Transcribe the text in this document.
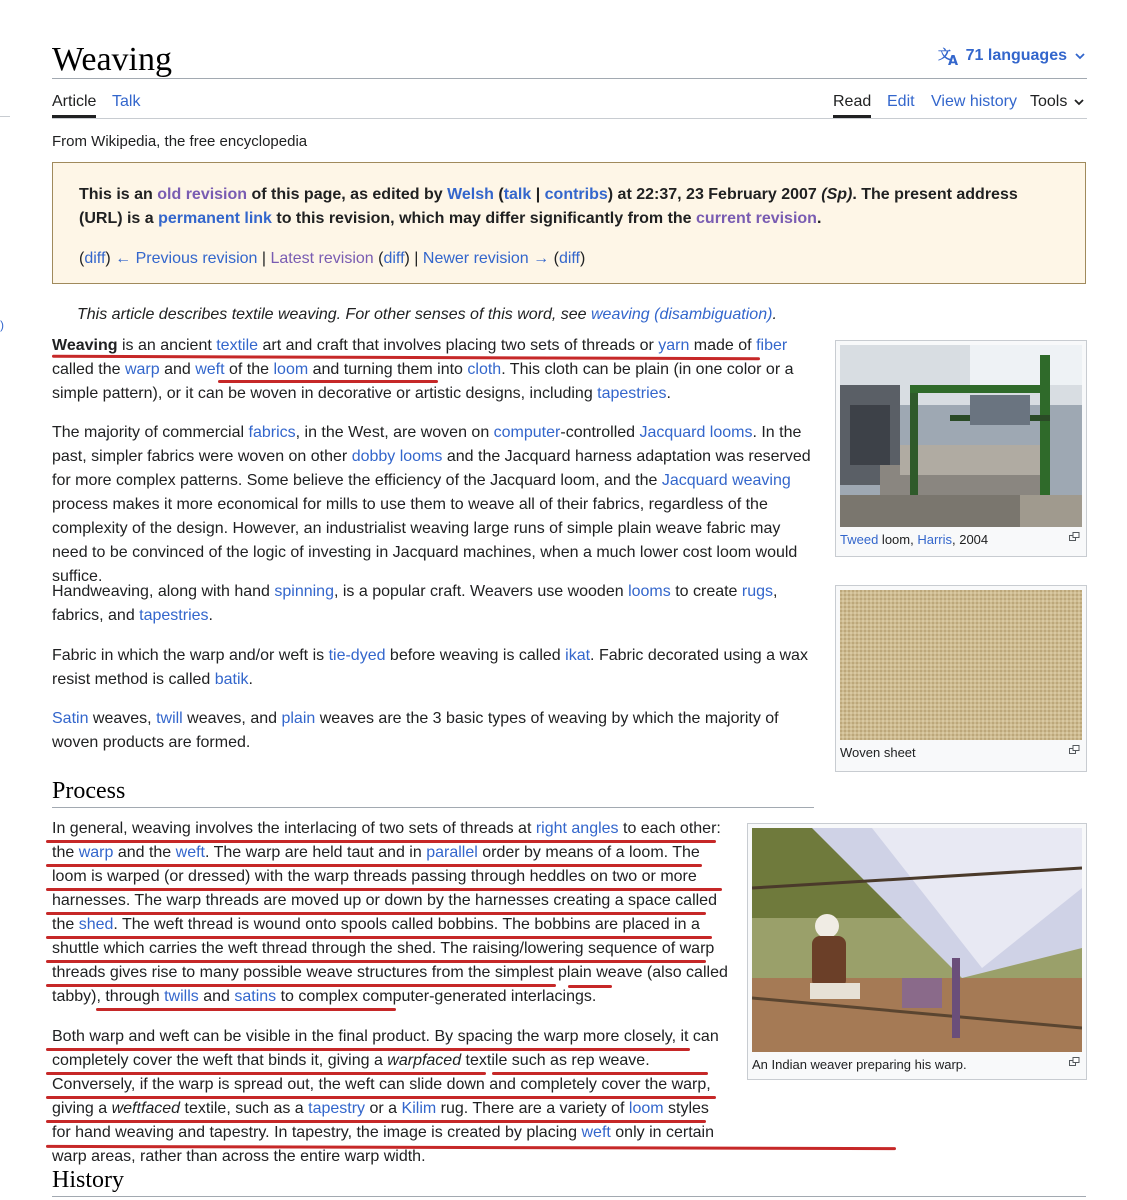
Weaving	文
A 71 languages
Article Talk	Read Edit View history Tools
)
From Wikipedia, the free encyclopedia
This is an old revision of this page, as edited by Welsh (talk | contribs) at 22:37, 23 February 2007 (Sp). The present address (URL) is a permanent link to this revision, which may differ significantly from the current revision.
(diff) ← Previous revision | Latest revision (diff) | Newer revision → (diff)
This article describes textile weaving. For other senses of this word, see weaving (disambiguation).
Weaving is an ancient textile art and craft that involves placing two sets of threads or yarn made of fiber called the warp and weft of the loom and turning them into cloth. This cloth can be plain (in one color or a simple pattern), or it can be woven in decorative or artistic designs, including tapestries.
The majority of commercial fabrics, in the West, are woven on computer-controlled Jacquard looms. In the past, simpler fabrics were woven on other dobby looms and the Jacquard harness adaptation was reserved for more complex patterns. Some believe the efficiency of the Jacquard loom, and the Jacquard weaving process makes it more economical for mills to use them to weave all of their fabrics, regardless of the complexity of the design. However, an industrialist weaving large runs of simple plain weave fabric may need to be convinced of the logic of investing in Jacquard machines, when a much lower cost loom would suffice.
Handweaving, along with hand spinning, is a popular craft. Weavers use wooden looms to create rugs, fabrics, and tapestries.
Fabric in which the warp and/or weft is tie-dyed before weaving is called ikat. Fabric decorated using a wax resist method is called batik.
Satin weaves, twill weaves, and plain weaves are the 3 basic types of weaving by which the majority of woven products are formed.
Process
In general, weaving involves the interlacing of two sets of threads at right angles to each other: the warp and the weft. The warp are held taut and in parallel order by means of a loom. The loom is warped (or dressed) with the warp threads passing through heddles on two or more harnesses. The warp threads are moved up or down by the harnesses creating a space called the shed. The weft thread is wound onto spools called bobbins. The bobbins are placed in a shuttle which carries the weft thread through the shed. The raising/lowering sequence of warp threads gives rise to many possible weave structures from the simplest plain weave (also called tabby), through twills and satins to complex computer-generated interlacings.
Both warp and weft can be visible in the final product. By spacing the warp more closely, it can completely cover the weft that binds it, giving a warpfaced textile such as rep weave. Conversely, if the warp is spread out, the weft can slide down and completely cover the warp, giving a weftfaced textile, such as a tapestry or a Kilim rug. There are a variety of loom styles for hand weaving and tapestry. In tapestry, the image is created by placing weft only in certain warp areas, rather than across the entire warp width.
History
Tweed loom, Harris, 2004
Woven sheet
An Indian weaver preparing his warp.
